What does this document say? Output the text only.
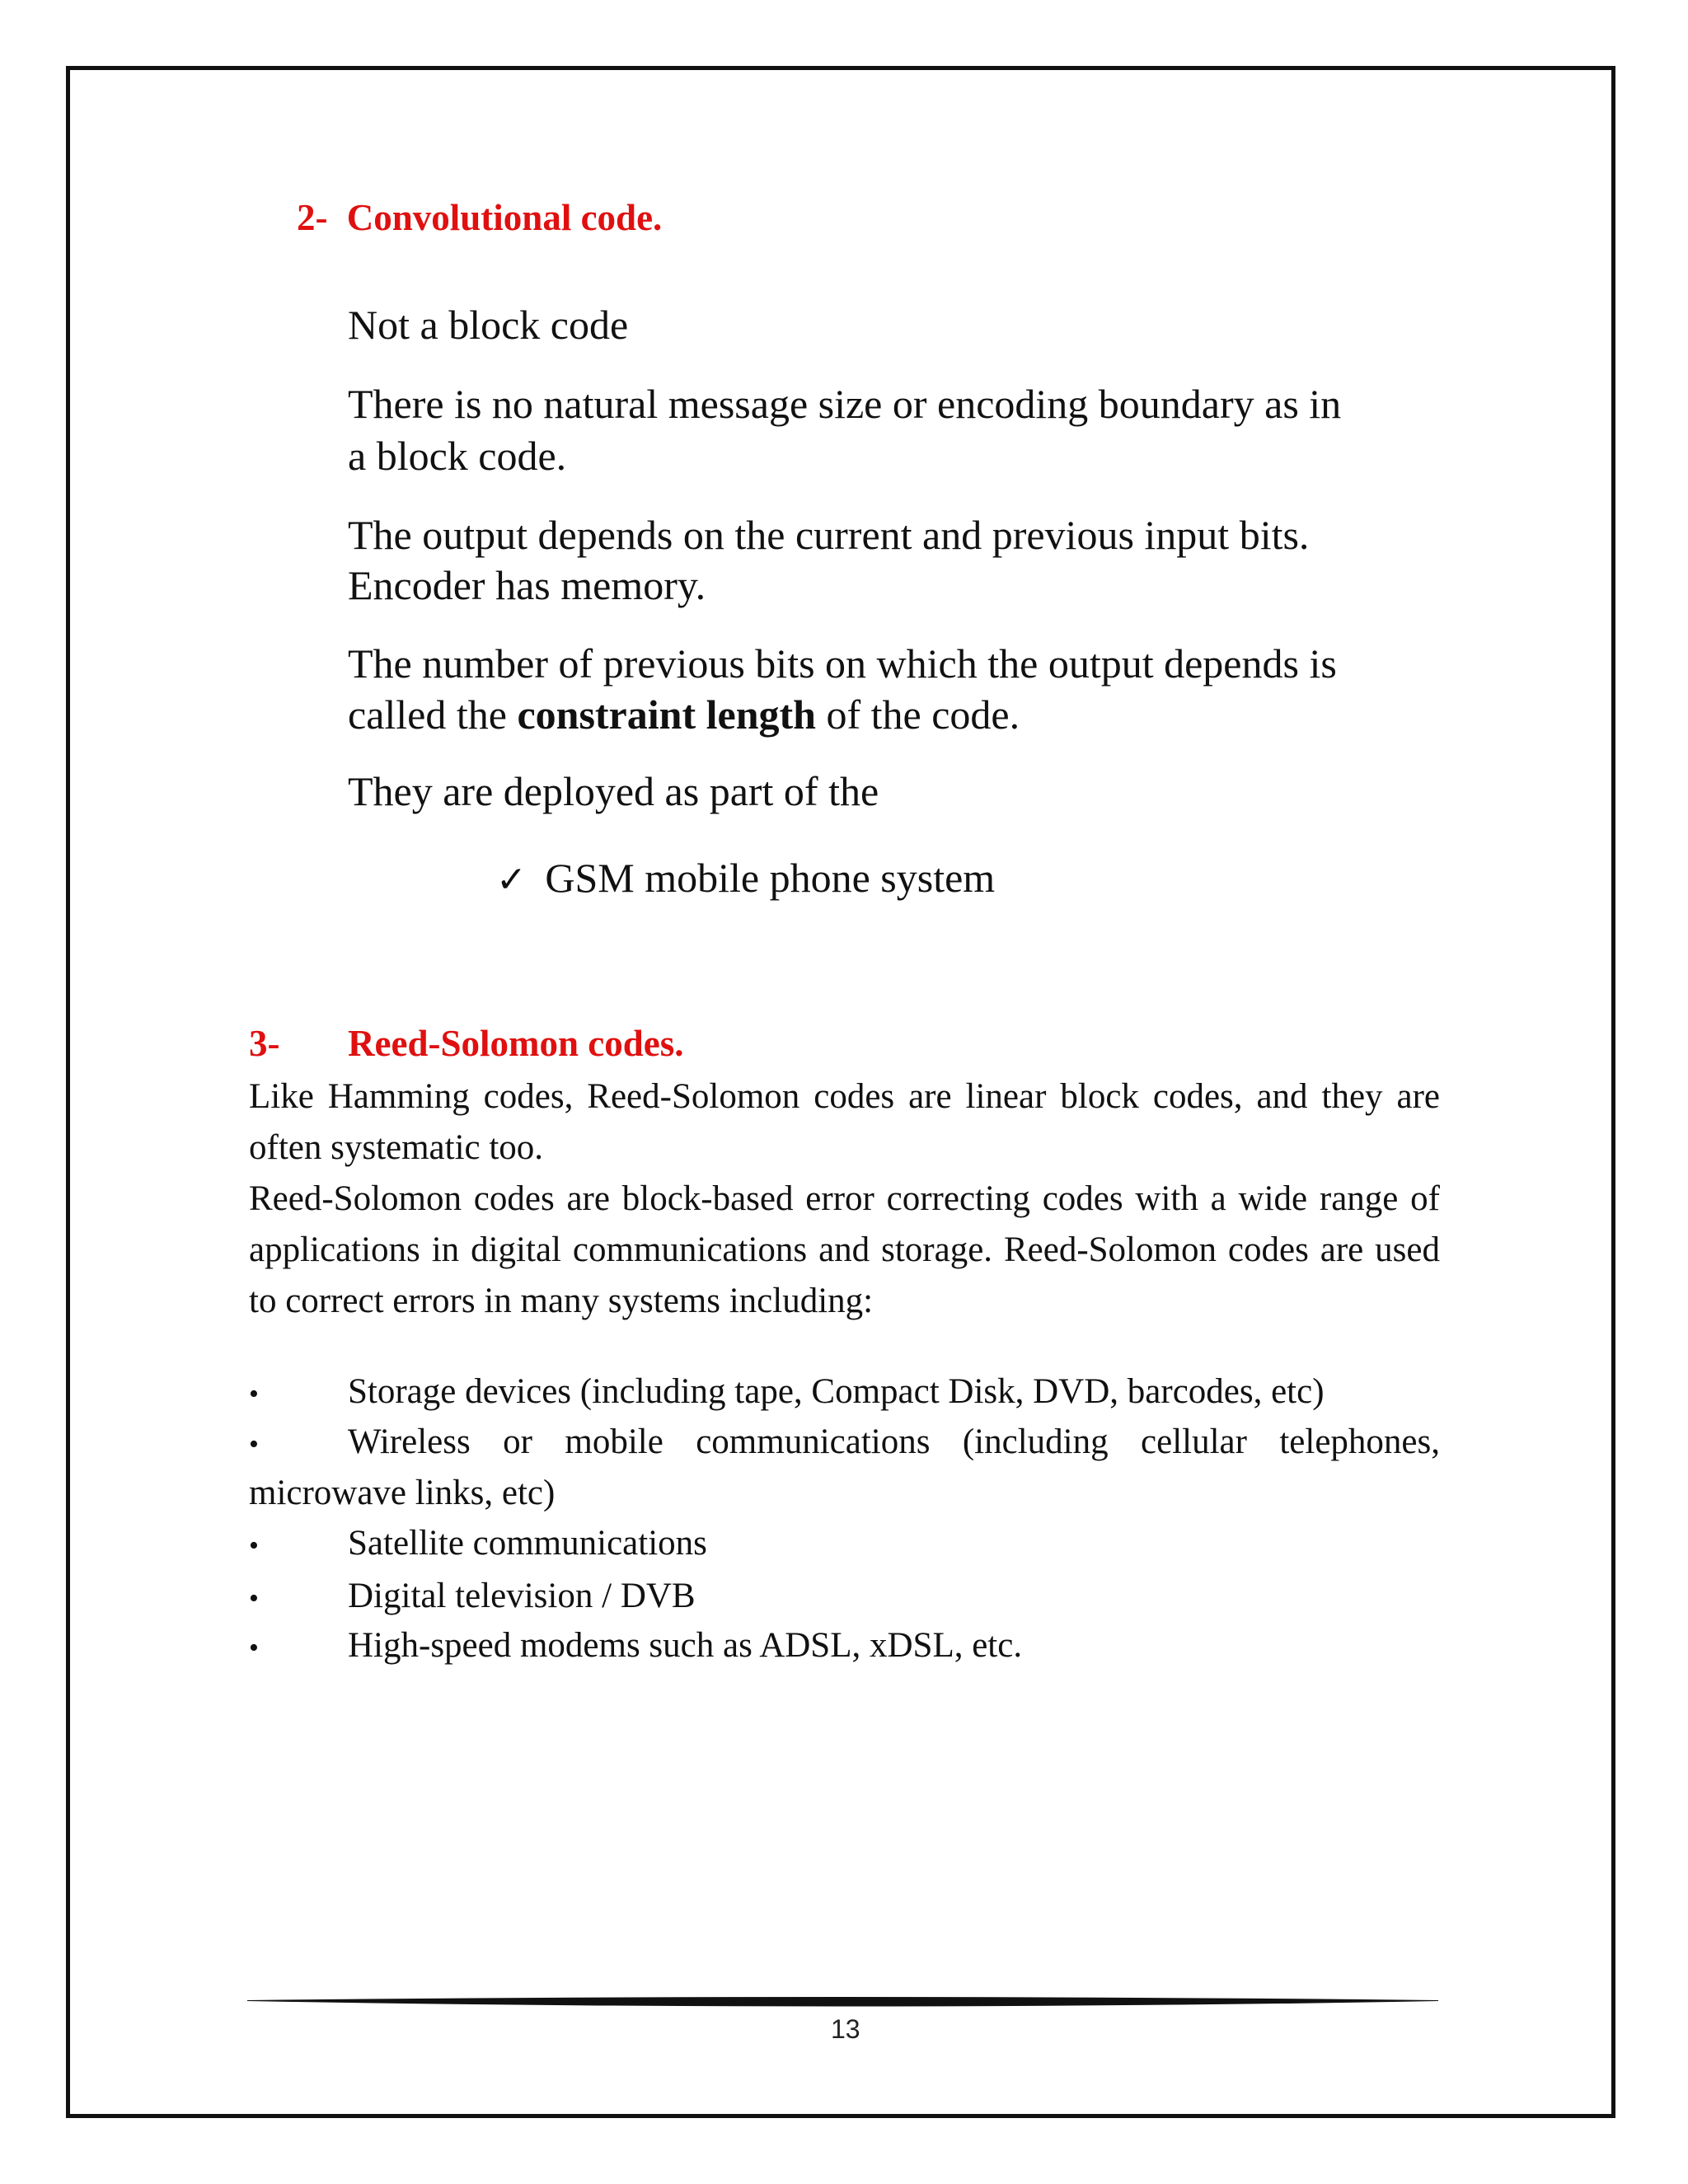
2- Convolutional code.
Not a block code
There is no natural message size or encoding boundary as in
a block code.
The output depends on the current and previous input bits.
Encoder has memory.
The number of previous bits on which the output depends is
called the constraint length of the code.
They are deployed as part of the
✓ GSM mobile phone system
3- Reed-Solomon codes.
Like Hamming codes, Reed-Solomon codes are linear block codes, and they are often systematic too.
Reed-Solomon codes are block-based error correcting codes with a wide range of applications in digital communications and storage. Reed-Solomon codes are used to correct errors in many systems including:
•	Storage devices (including tape, Compact Disk, DVD, barcodes, etc)
•	Wireless or mobile communications (including cellular telephones,
microwave links, etc)
•	Satellite communications
•	Digital television / DVB
•	High-speed modems such as ADSL, xDSL, etc.
13
